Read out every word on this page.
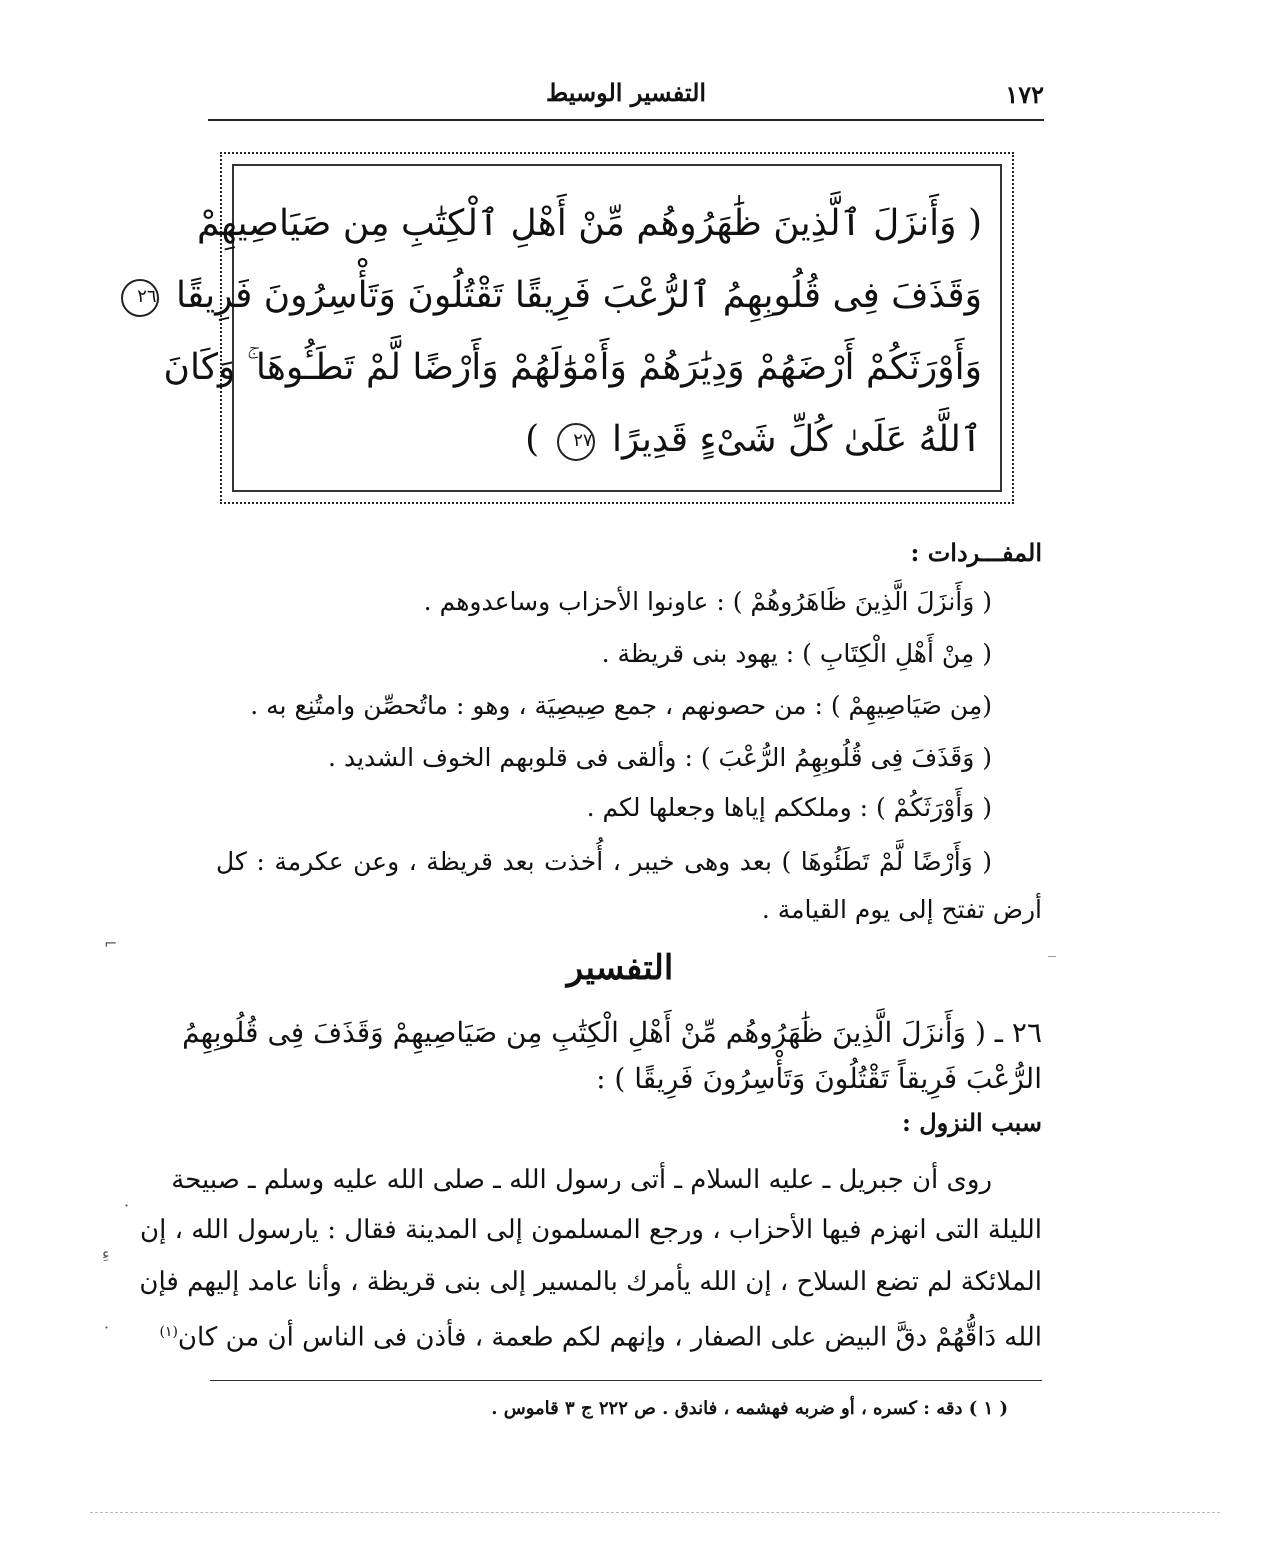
١٧٢
التفسير الوسيط
( وَأَنزَلَ ٱلَّذِينَ ظَٰهَرُوهُم مِّنْ أَهْلِ ٱلْكِتَٰبِ مِن صَيَاصِيهِمْ
وَقَذَفَ فِى قُلُوبِهِمُ ٱلرُّعْبَ فَرِيقًا تَقْتُلُونَ وَتَأْسِرُونَ فَرِيقًا ٢٦
وَأَوْرَثَكُمْ أَرْضَهُمْ وَدِيَٰرَهُمْ وَأَمْوَٰلَهُمْ وَأَرْضًا لَّمْ تَطَـُٔوهَا ۚ وَكَانَ
ٱللَّهُ عَلَىٰ كُلِّ شَىْءٍ قَدِيرًا ٢٧ )
المفـــردات :
( وَأَنزَلَ الَّذِينَ ظَاهَرُوهُمْ ) : عاونوا الأحزاب وساعدوهم .
( مِنْ أَهْلِ الْكِتَابِ ) : يهود بنى قريظة .
(مِن صَيَاصِيهِمْ ) : من حصونهم ، جمع صِيصِيَة ، وهو : ماتُحصِّن وامتُنِع به .
( وَقَذَفَ فِى قُلُوبِهِمُ الرُّعْبَ ) : وألقى فى قلوبهم الخوف الشديد .
( وَأَوْرَثَكُمْ ) : وملككم إياها وجعلها لكم .
( وَأَرْضًا لَّمْ تَطَئُوهَا ) بعد وهى خيبر ، أُخذت بعد قريظة ، وعن عكرمة : كل
أرض تفتح إلى يوم القيامة .
التفسير
٢٦ ـ ( وَأَنزَلَ الَّذِينَ ظَٰهَرُوهُم مِّنْ أَهْلِ الْكِتَٰبِ مِن صَيَاصِيهِمْ وَقَذَفَ فِى قُلُوبِهِمُ
الرُّعْبَ فَرِيقاً تَقْتُلُونَ وَتَأْسِرُونَ فَرِيقًا ) :
سبب النزول :
روى أن جبريل ـ عليه السلام ـ أتى رسول الله ـ صلى الله عليه وسلم ـ صبيحة
الليلة التى انهزم فيها الأحزاب ، ورجع المسلمون إلى المدينة فقال : يارسول الله ، إن
الملائكة لم تضع السلاح ، إن الله يأمرك بالمسير إلى بنى قريظة ، وأنا عامد إليهم فإن
الله دَاقُّهُمْ دقَّ البيض على الصفار ، وإنهم لكم طعمة ، فأذن فى الناس أن من كان$^{(١)}$
( ١ ) دقه : كسره ، أو ضربه فهشمه ، فاندق . ص ٢٢٢ ج ٣ قاموس .
⌐	_
·
ءِ
·
